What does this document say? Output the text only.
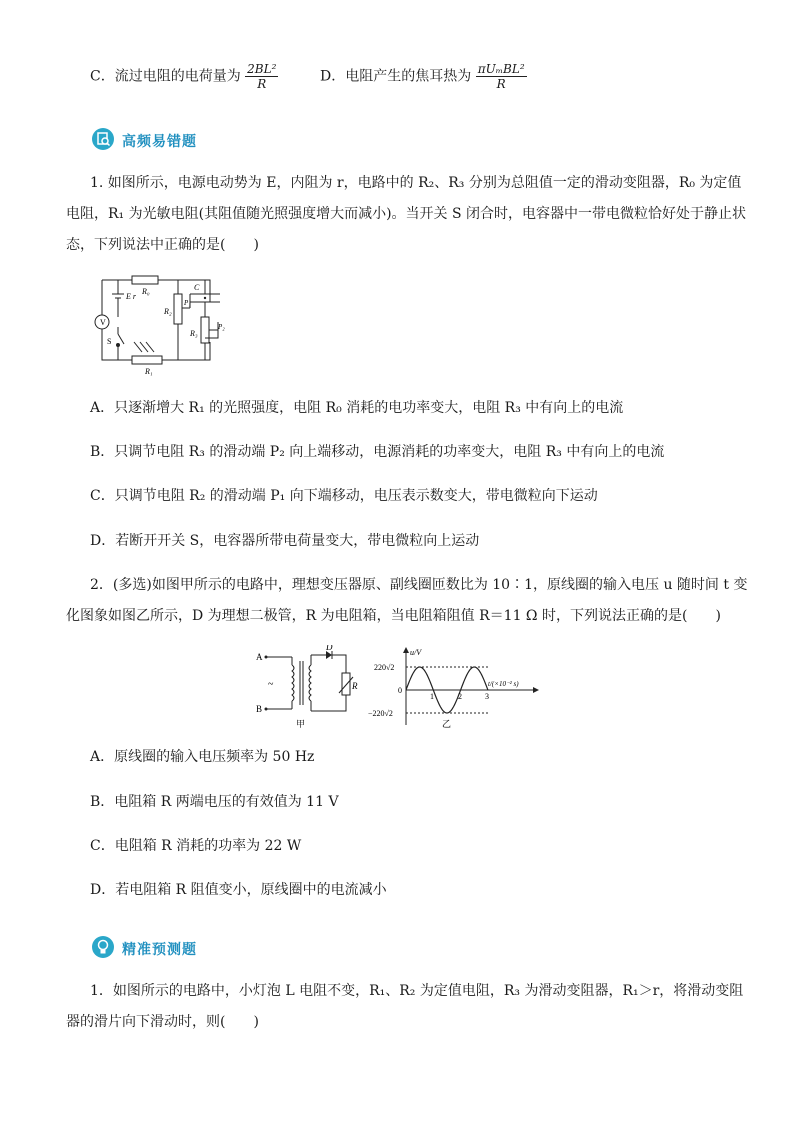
C．流过电阻的电荷量为 $\frac{\text{2BL²}}{R}$	D．电阻产生的焦耳热为 $\frac{\text{πUₘBL²}}{R}$
高频易错题
1. 如图所示，电源电动势为 E，内阻为 r，电路中的 R₂、R₃ 分别为总阻值一定的滑动变阻器，R₀ 为定值
电阻，R₁ 为光敏电阻(其阻值随光照强度增大而减小)。当开关 S 闭合时，电容器中一带电微粒恰好处于静止状
态，下列说法中正确的是(　　)
V
R₀	C
E r
S
R₂
P₁
R₃
P₂
R₁
A．只逐渐增大 R₁ 的光照强度，电阻 R₀ 消耗的电功率变大，电阻 R₃ 中有向上的电流
B．只调节电阻 R₃ 的滑动端 P₂ 向上端移动，电源消耗的功率变大，电阻 R₃ 中有向上的电流
C．只调节电阻 R₂ 的滑动端 P₁ 向下端移动，电压表示数变大，带电微粒向下运动
D．若断开开关 S，电容器所带电荷量变大，带电微粒向上运动
2．(多选)如图甲所示的电路中，理想变压器原、副线圈匝数比为 10∶1，原线圈的输入电压 u 随时间 t 变
化图象如图乙所示，D 为理想二极管，R 为电阻箱，当电阻箱阻值 R＝11 Ω 时，下列说法正确的是(　　)
A
B
~
D
R
甲
u/V
220√2
−220√2
0
1	2	3
t/(×10⁻² s)
乙
A．原线圈的输入电压频率为 50 Hz
B．电阻箱 R 两端电压的有效值为 11 V
C．电阻箱 R 消耗的功率为 22 W
D．若电阻箱 R 阻值变小，原线圈中的电流减小
精准预测题
1．如图所示的电路中，小灯泡 L 电阻不变，R₁、R₂ 为定值电阻，R₃ 为滑动变阻器，R₁＞r，将滑动变阻
器的滑片向下滑动时，则(　　)
